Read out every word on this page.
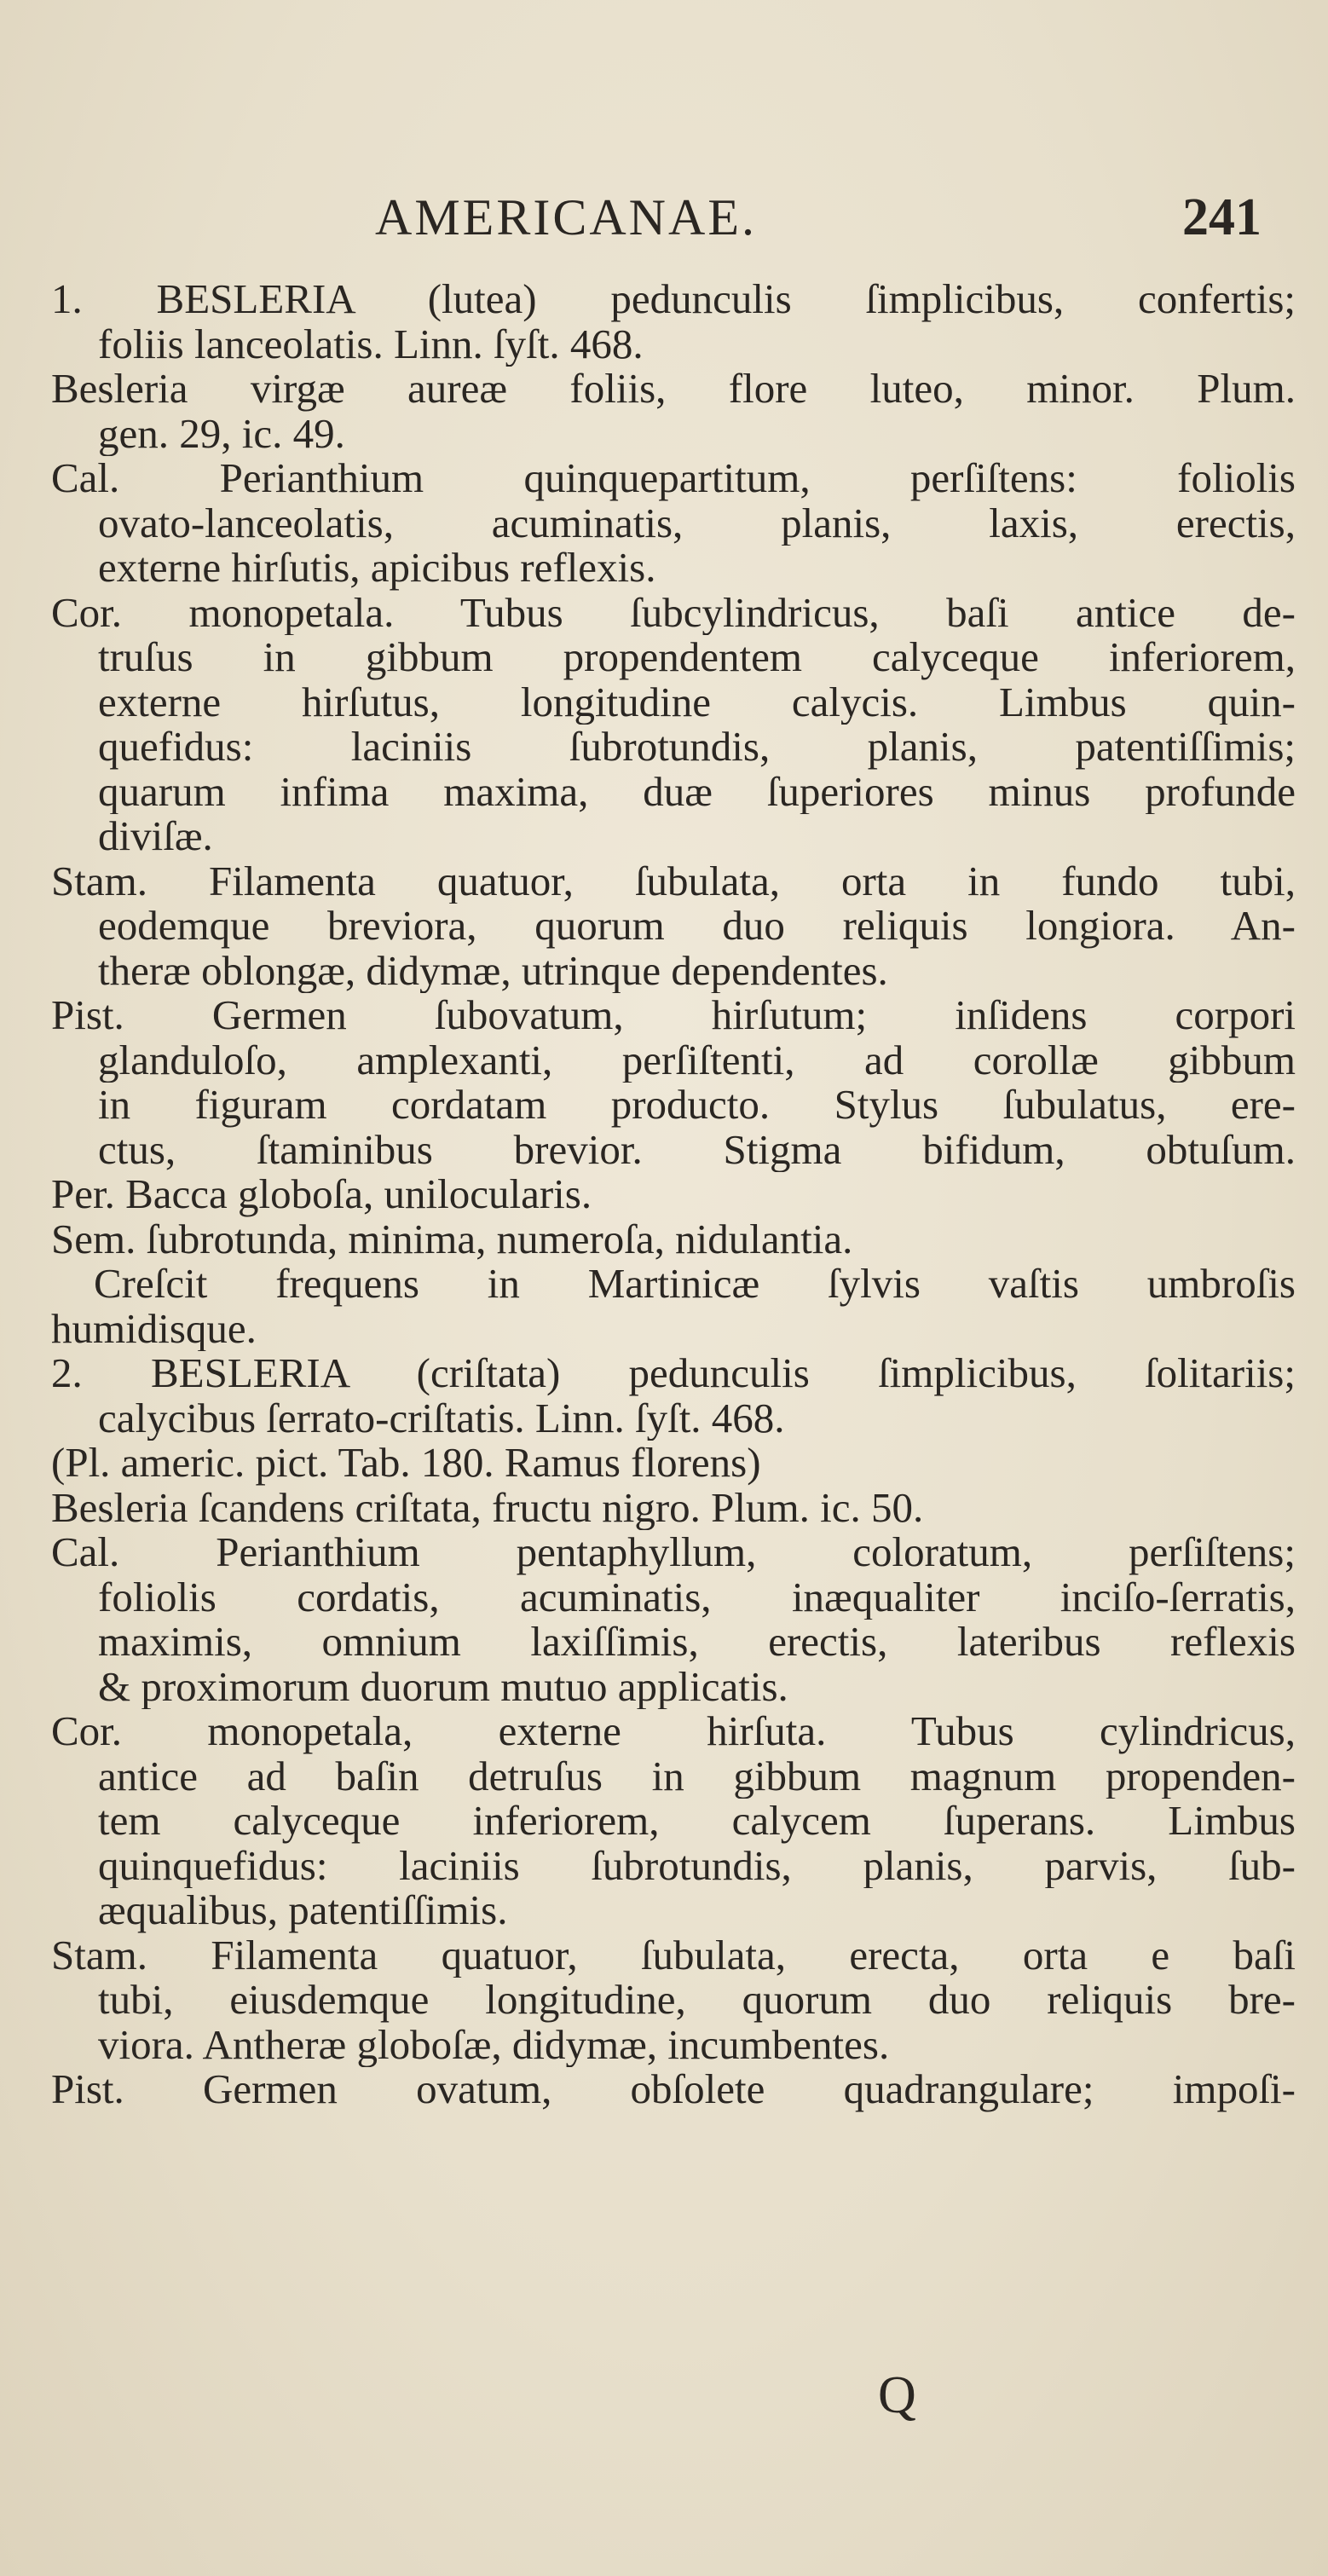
AMERICANAE.	241
1. BESLERIA (lutea) pedunculis ſimplicibus, confertis;
foliis lanceolatis. Linn. ſyſt. 468.
Besleria virgæ aureæ foliis, flore luteo, minor. Plum.
gen. 29, ic. 49.
Cal. Perianthium quinquepartitum, perſiſtens: foliolis
ovato-lanceolatis, acuminatis, planis, laxis, erectis,
externe hirſutis, apicibus reflexis.
Cor. monopetala. Tubus ſubcylindricus, baſi antice de-
truſus in gibbum propendentem calyceque inferiorem,
externe hirſutus, longitudine calycis. Limbus quin-
quefidus: laciniis ſubrotundis, planis, patentiſſimis;
quarum infima maxima, duæ ſuperiores minus profunde
diviſæ.
Stam. Filamenta quatuor, ſubulata, orta in fundo tubi,
eodemque breviora, quorum duo reliquis longiora. An-
theræ oblongæ, didymæ, utrinque dependentes.
Pist. Germen ſubovatum, hirſutum; inſidens corpori
glanduloſo, amplexanti, perſiſtenti, ad corollæ gibbum
in figuram cordatam producto. Stylus ſubulatus, ere-
ctus, ſtaminibus brevior. Stigma bifidum, obtuſum.
Per. Bacca globoſa, unilocularis.
Sem. ſubrotunda, minima, numeroſa, nidulantia.
Creſcit frequens in Martinicæ ſylvis vaſtis umbroſis
humidisque.
2. BESLERIA (criſtata) pedunculis ſimplicibus, ſolitariis;
calycibus ſerrato-criſtatis. Linn. ſyſt. 468.
(Pl. americ. pict. Tab. 180. Ramus florens)
Besleria ſcandens criſtata, fructu nigro. Plum. ic. 50.
Cal. Perianthium pentaphyllum, coloratum, perſiſtens;
foliolis cordatis, acuminatis, inæqualiter inciſo-ſerratis,
maximis, omnium laxiſſimis, erectis, lateribus reflexis
& proximorum duorum mutuo applicatis.
Cor. monopetala, externe hirſuta. Tubus cylindricus,
antice ad baſin detruſus in gibbum magnum propenden-
tem calyceque inferiorem, calycem ſuperans. Limbus
quinquefidus: laciniis ſubrotundis, planis, parvis, ſub-
æqualibus, patentiſſimis.
Stam. Filamenta quatuor, ſubulata, erecta, orta e baſi
tubi, eiusdemque longitudine, quorum duo reliquis bre-
viora. Antheræ globoſæ, didymæ, incumbentes.
Pist. Germen ovatum, obſolete quadrangulare; impoſi-
Q
